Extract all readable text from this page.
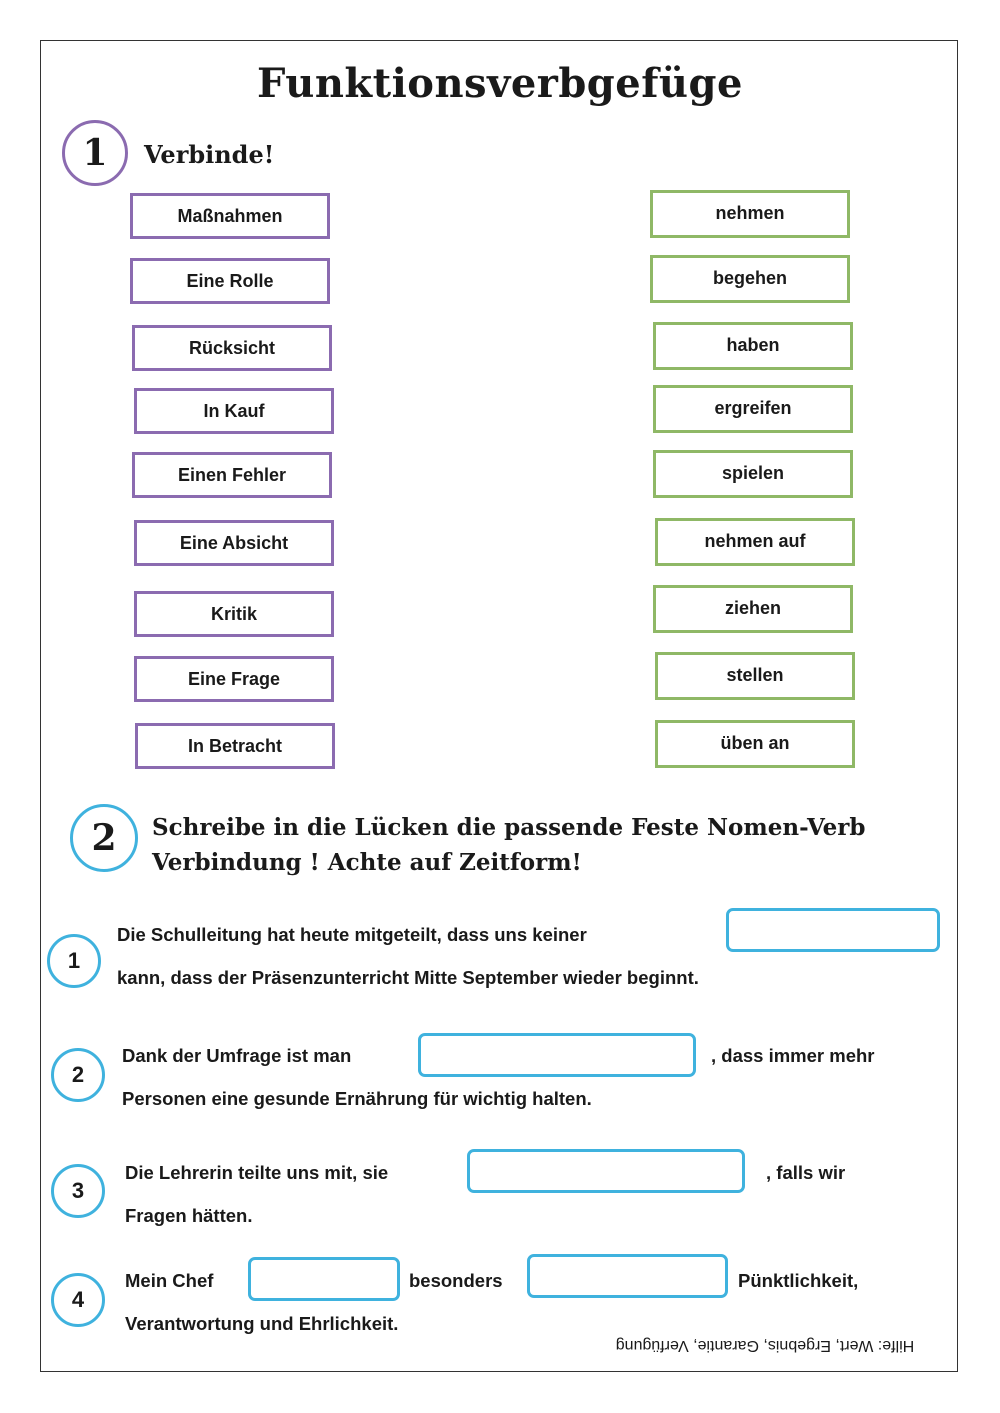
Funktionsverbgefüge
1	Verbinde!
Maßnahmen
Eine Rolle
Rücksicht
In Kauf
Einen Fehler
Eine Absicht
Kritik
Eine Frage
In Betracht
nehmen
begehen
haben
ergreifen
spielen
nehmen auf
ziehen
stellen
üben an
2	Schreibe in die Lücken die passende Feste Nomen-Verb
Verbindung ! Achte auf Zeitform!
1
Die Schulleitung hat heute mitgeteilt, dass uns keiner
kann, dass der Präsenzunterricht Mitte September wieder beginnt.
2
Dank der Umfrage ist man	, dass immer mehr
Personen eine gesunde Ernährung für wichtig halten.
3
Die Lehrerin teilte uns mit, sie	, falls wir
Fragen hätten.
4
Mein Chef	besonders	Pünktlichkeit,
Verantwortung und Ehrlichkeit.
Hilfe: Wert, Ergebnis, Garantie, Verfügung
